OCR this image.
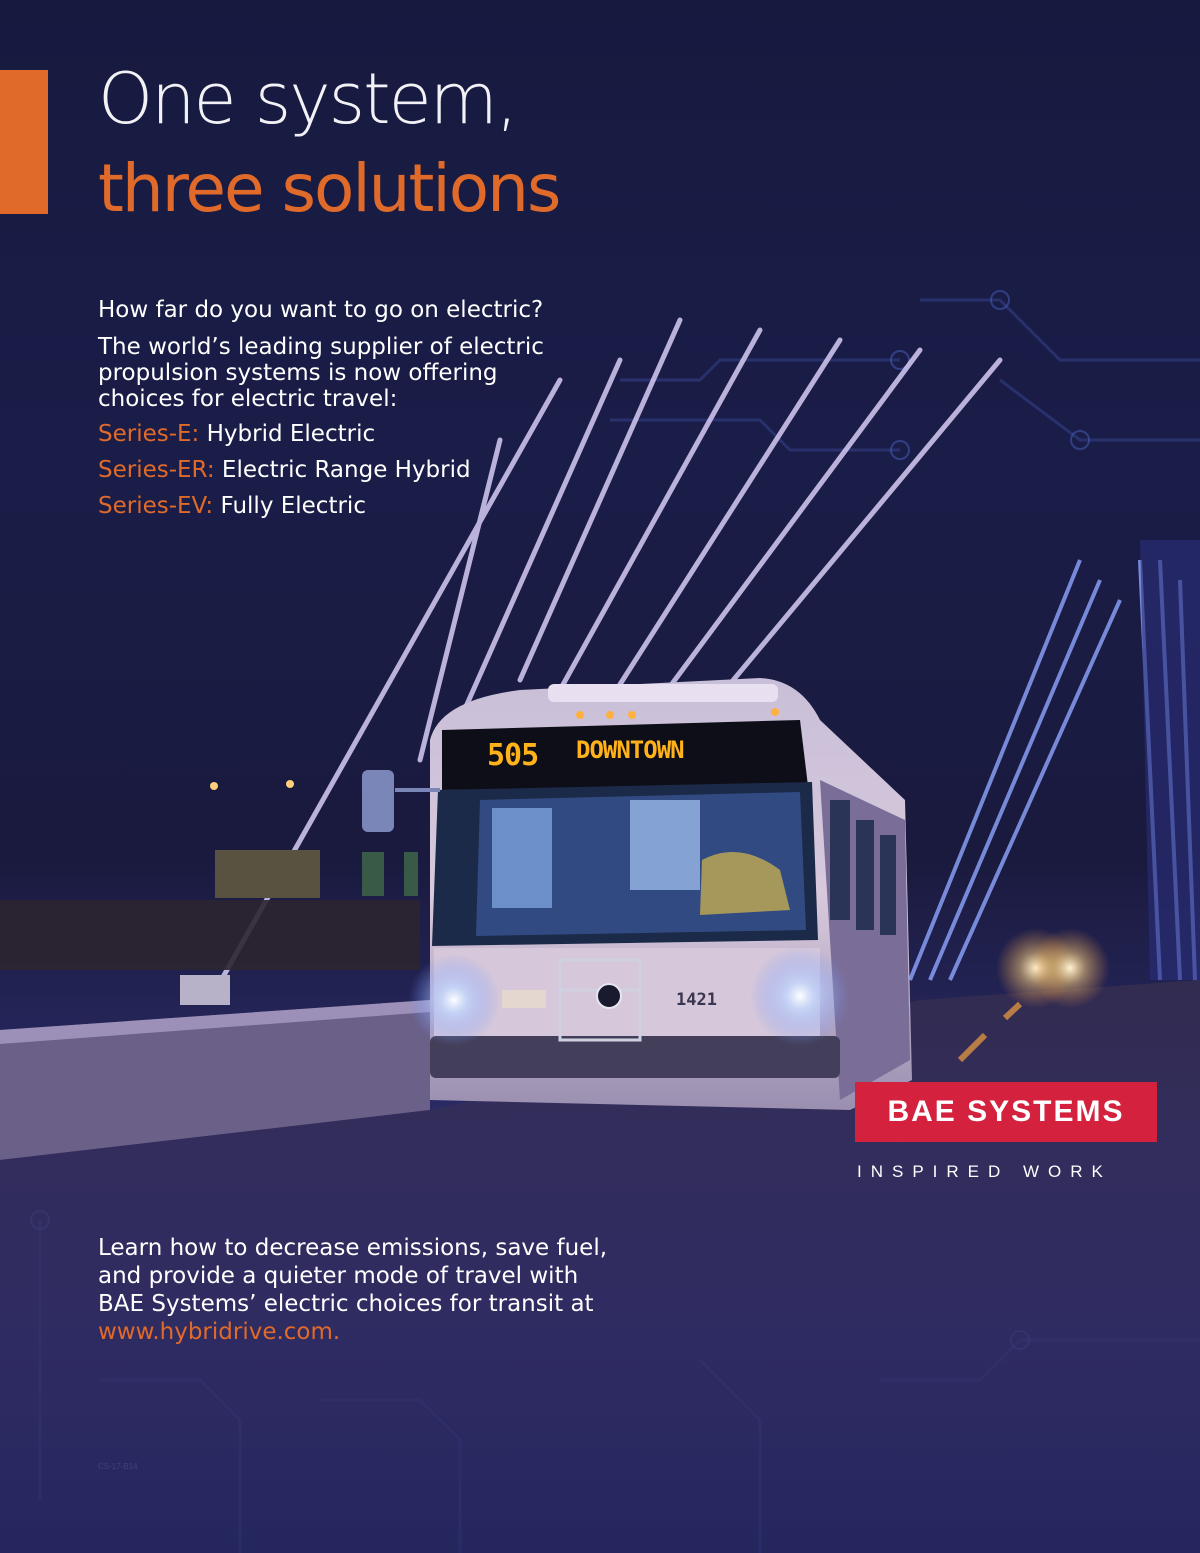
505 DOWNTOWN
1421
One system,
three solutions
How far do you want to go on electric?
The world’s leading supplier of electric
propulsion systems is now offering
choices for electric travel:
Series-E: Hybrid Electric
Series-ER: Electric Range Hybrid
Series-EV: Fully Electric
Learn how to decrease emissions, save fuel,
and provide a quieter mode of travel with
BAE Systems’ electric choices for transit at
www.hybridrive.com.
BAE SYSTEMS
INSPIRED WORK
CS-17-B14
